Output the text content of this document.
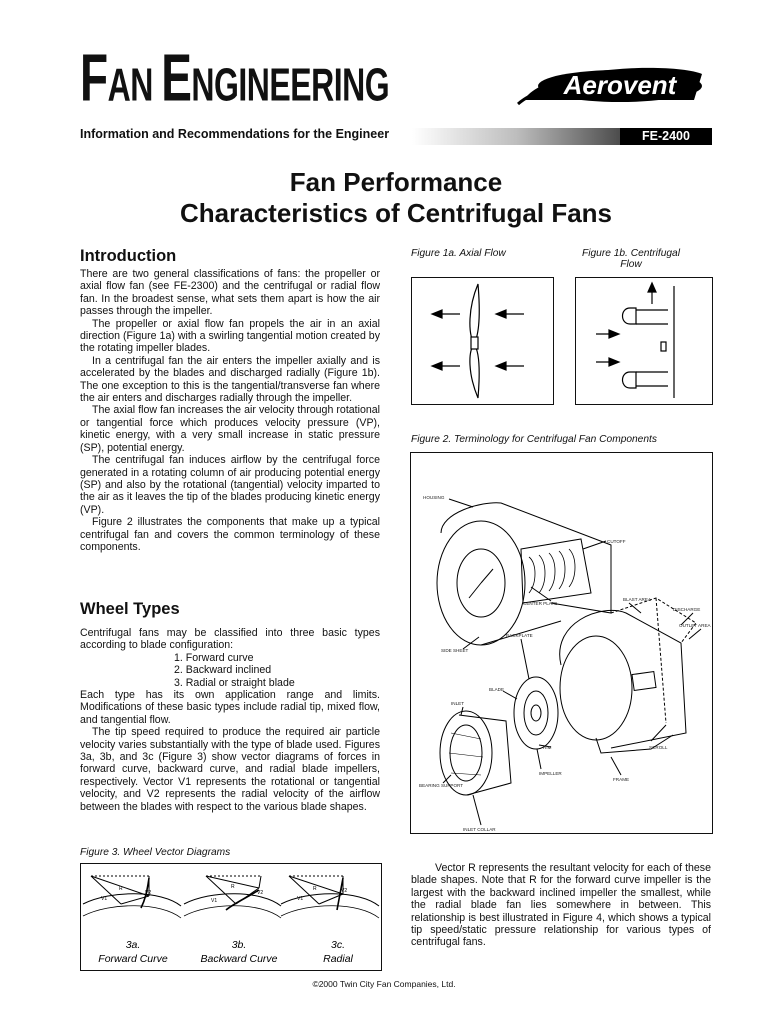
FAN ENGINEERING	Aerovent
Information and Recommendations for the Engineer	FE-2400
Fan Performance
Characteristics of Centrifugal Fans
Introduction

There are two general classifications of fans: the propeller or axial flow fan (see FE-2300) and the centrifugal or radial flow fan. In the broadest sense, what sets them apart is how the air passes through the impeller.

The propeller or axial flow fan propels the air in an axial direction (Figure 1a) with a swirling tangential motion created by the rotating impeller blades.

In a centrifugal fan the air enters the impeller axially and is accelerated by the blades and discharged radially (Figure 1b). The one exception to this is the tangential/transverse fan where the air enters and discharges radially through the impeller.

The axial flow fan increases the air velocity through rotational or tangential force which produces velocity pressure (VP), kinetic energy, with a very small increase in static pressure (SP), potential energy.

The centrifugal fan induces airflow by the centrifugal force generated in a rotating column of air producing potential energy (SP) and also by the rotational (tangential) velocity imparted to the air as it leaves the tip of the blades producing kinetic energy (VP).

Figure 2 illustrates the components that make up a typical centrifugal fan and covers the common terminology of these components.

Wheel Types

Centrifugal fans may be classified into three basic types according to blade configuration:

1. Forward curve
2. Backward inclined
3. Radial or straight blade

Each type has its own application range and limits. Modifications of these basic types include radial tip, mixed flow, and tangential flow.

The tip speed required to produce the required air particle velocity varies substantially with the type of blade used. Figures 3a, 3b, and 3c (Figure 3) show vector diagrams of forces in forward curve, backward curve, and radial blade impellers, respectively. Vector V1 represents the rotational or tangential velocity, and V2 represents the radial velocity of the airflow between the blades with respect to the various blade shapes.

Figure 1a. Axial Flow	Figure 1b. Centrifugal Flow
Figure 2. Terminology for Centrifugal Fan Components
HOUSING
CUTOFF
CENTER PLATE
SIDE SHEET
BLAST AREA
DISCHARGE
OUTLET AREA
BACKPLATE
BLADE
INLET
RIM
IMPELLER
SCROLL
FRAME
BEARING SUPPORT
INLET COLLAR
Figure 3. Wheel Vector Diagrams
R
V2
V1
R
V2
V1
R	V2
V1
3a.
Forward Curve
3b.
Backward Curve
3c.
Radial

Vector R represents the resultant velocity for each of these blade shapes. Note that R for the forward curve impeller is the largest with the backward inclined impeller the smallest, while the radial blade fan lies somewhere in between. This relationship is best illustrated in Figure 4, which shows a typical tip speed/static pressure relationship for various types of centrifugal fans.

©2000 Twin City Fan Companies, Ltd.
